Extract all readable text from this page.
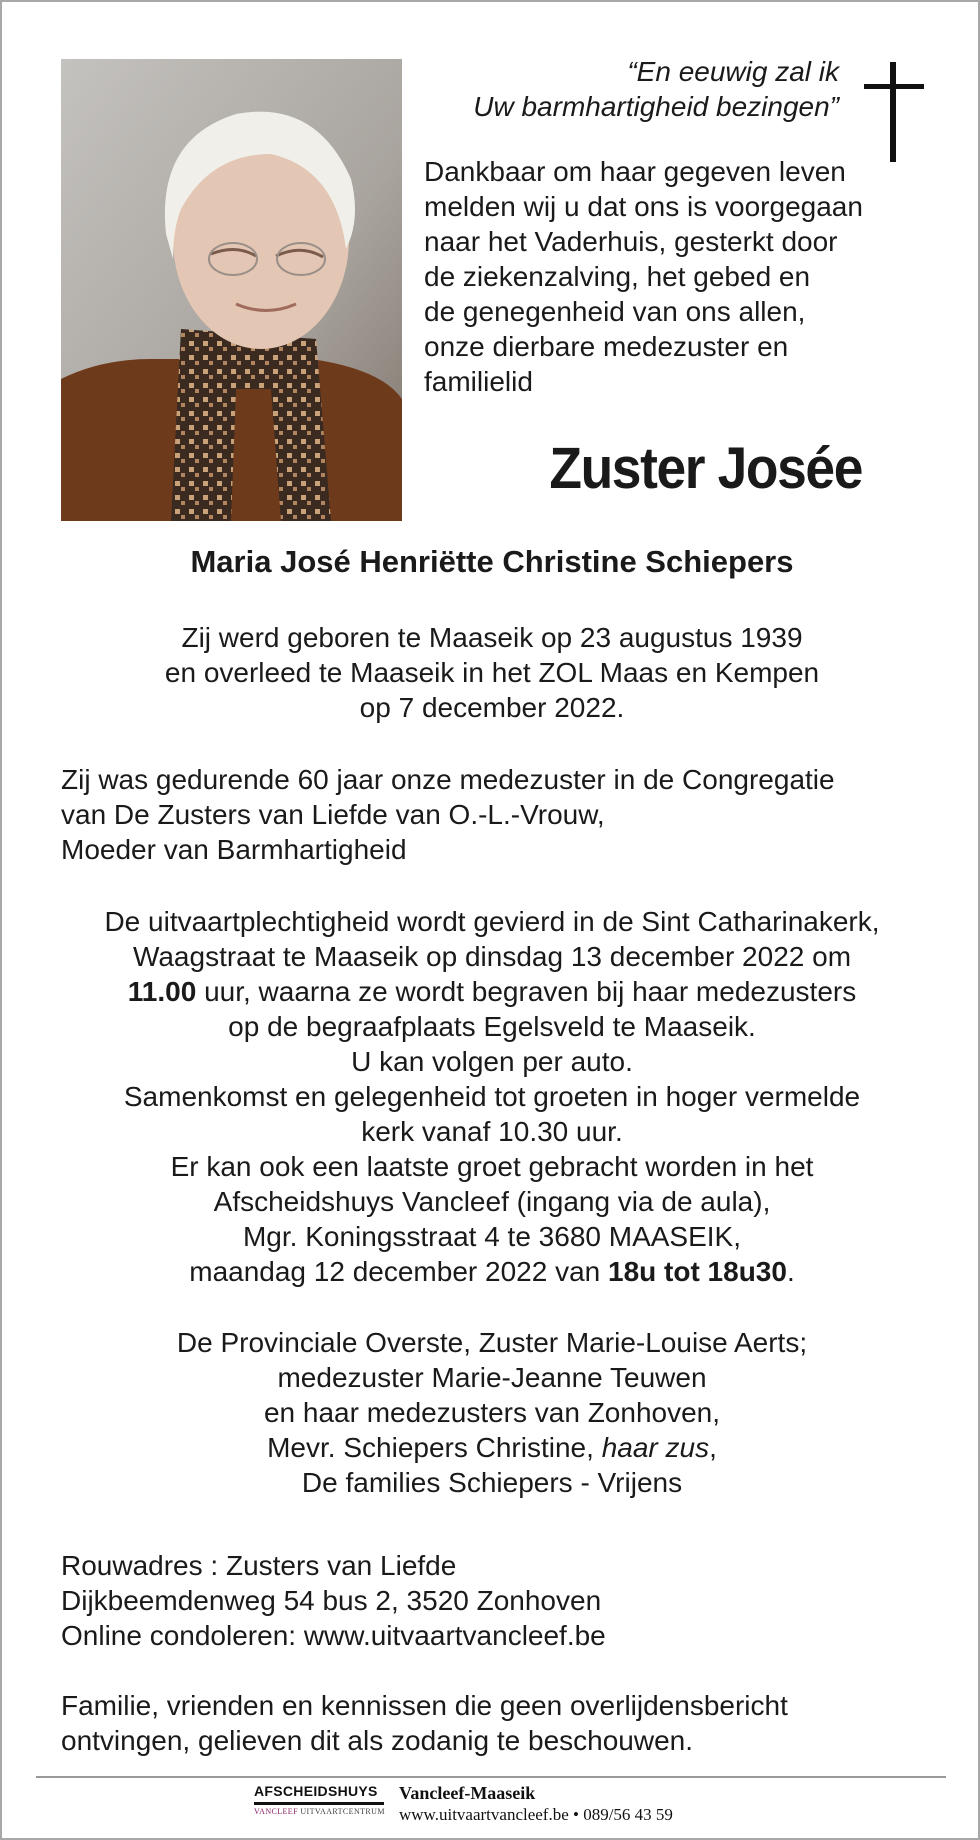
“En eeuwig zal ik
Uw barmhartigheid bezingen”
Dankbaar om haar gegeven leven
melden wij u dat ons is voorgegaan
naar het Vaderhuis, gesterkt door
de ziekenzalving, het gebed en
de genegenheid van ons allen,
onze dierbare medezuster en
familielid
Zuster Josée
Maria José Henriëtte Christine Schiepers
Zij werd geboren te Maaseik op 23 augustus 1939
en overleed te Maaseik in het ZOL Maas en Kempen
op 7 december 2022.
Zij was gedurende 60 jaar onze medezuster in de Congregatie
van De Zusters van Liefde van O.-L.-Vrouw,
Moeder van Barmhartigheid
De uitvaartplechtigheid wordt gevierd in de Sint Catharinakerk,
Waagstraat te Maaseik op dinsdag 13 december 2022 om
11.00 uur, waarna ze wordt begraven bij haar medezusters
op de begraafplaats Egelsveld te Maaseik.
U kan volgen per auto.
Samenkomst en gelegenheid tot groeten in hoger vermelde
kerk vanaf 10.30 uur.
Er kan ook een laatste groet gebracht worden in het
Afscheidshuys Vancleef (ingang via de aula),
Mgr. Koningsstraat 4 te 3680 MAASEIK,
maandag 12 december 2022 van 18u tot 18u30.
De Provinciale Overste, Zuster Marie-Louise Aerts;
medezuster Marie-Jeanne Teuwen
en haar medezusters van Zonhoven,
Mevr. Schiepers Christine, haar zus,
De families Schiepers - Vrijens
Rouwadres : Zusters van Liefde
Dijkbeemdenweg 54 bus 2, 3520 Zonhoven
Online condoleren: www.uitvaartvancleef.be
Familie, vrienden en kennissen die geen overlijdensbericht
ontvingen, gelieven dit als zodanig te beschouwen.
AFSCHEIDSHUYS
VANCLEEF UITVAARTCENTRUM
Vancleef-Maaseik
www.uitvaartvancleef.be • 089/56 43 59
